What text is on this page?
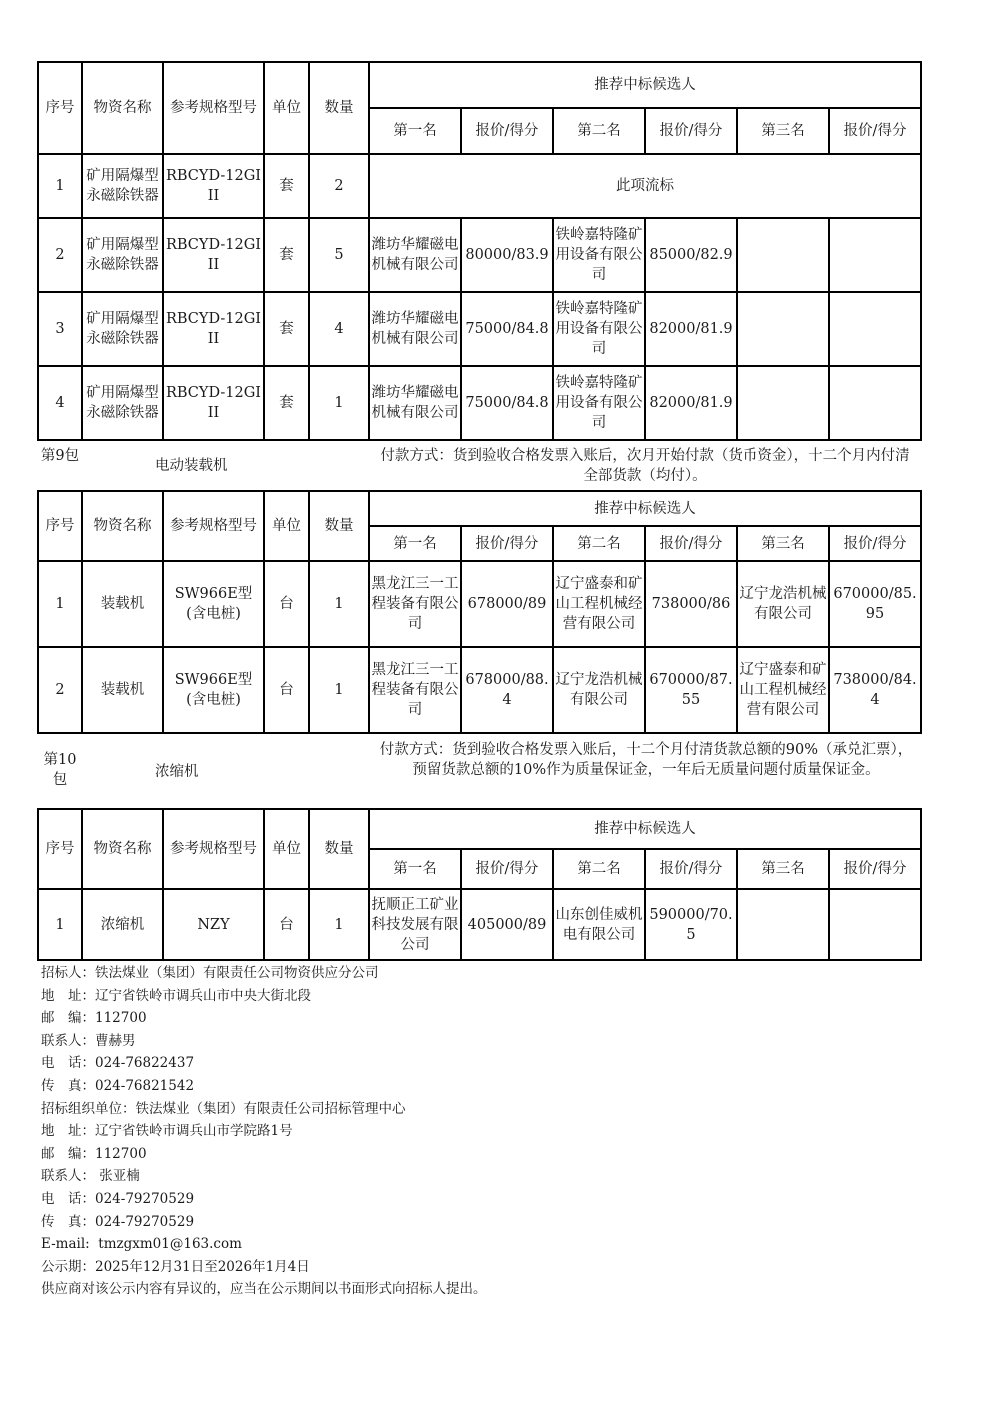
序号	物资名称	参考规格型号	单位	数量	推荐中标候选人					
					第一名	报价/得分	第二名	报价/得分	第三名	报价/得分
1	矿用隔爆型永磁除铁器	RBCYD-12GIII	套	2	此项流标					
2	矿用隔爆型永磁除铁器	RBCYD-12GIII	套	5	潍坊华耀磁电机械有限公司	80000/83.9	铁岭嘉特隆矿用设备有限公司	85000/82.9		
3	矿用隔爆型永磁除铁器	RBCYD-12GIII	套	4	潍坊华耀磁电机械有限公司	75000/84.8	铁岭嘉特隆矿用设备有限公司	82000/81.9		
4	矿用隔爆型永磁除铁器	RBCYD-12GIII	套	1	潍坊华耀磁电机械有限公司	75000/84.8	铁岭嘉特隆矿用设备有限公司	82000/81.9		
第9包
电动装载机
付款方式：货到验收合格发票入账后，次月开始付款（货币资金），十二个月内付清全部货款（均付）。
序号	物资名称	参考规格型号	单位	数量	推荐中标候选人					
					第一名	报价/得分	第二名	报价/得分	第三名	报价/得分
1	装载机	SW966E型(含电桩)	台	1	黑龙江三一工程装备有限公司	678000/89	辽宁盛泰和矿山工程机械经营有限公司	738000/86	辽宁龙浩机械有限公司	670000/85.95
2	装载机	SW966E型(含电桩)	台	1	黑龙江三一工程装备有限公司	678000/88.4	辽宁龙浩机械有限公司	670000/87.55	辽宁盛泰和矿山工程机械经营有限公司	738000/84.4
第10包	浓缩机
付款方式：货到验收合格发票入账后，十二个月付清货款总额的90%（承兑汇票），预留货款总额的10%作为质量保证金，一年后无质量问题付质量保证金。
序号	物资名称	参考规格型号	单位	数量	推荐中标候选人					
					第一名	报价/得分	第二名	报价/得分	第三名	报价/得分
1	浓缩机	NZY	台	1	抚顺正工矿业科技发展有限公司	405000/89	山东创佳威机电有限公司	590000/70.5		
招标人：铁法煤业（集团）有限责任公司物资供应分公司
地　址：辽宁省铁岭市调兵山市中央大街北段
邮　编：112700
联系人：曹赫男
电　话：024-76822437
传　真：024-76821542
招标组织单位：铁法煤业（集团）有限责任公司招标管理中心
地　址：辽宁省铁岭市调兵山市学院路1号
邮　编：112700
联系人： 张亚楠
电　话：024-79270529
传　真：024-79270529
E-mail:  tmzgxm01@163.com
公示期：2025年12月31日至2026年1月4日
供应商对该公示内容有异议的，应当在公示期间以书面形式向招标人提出。
